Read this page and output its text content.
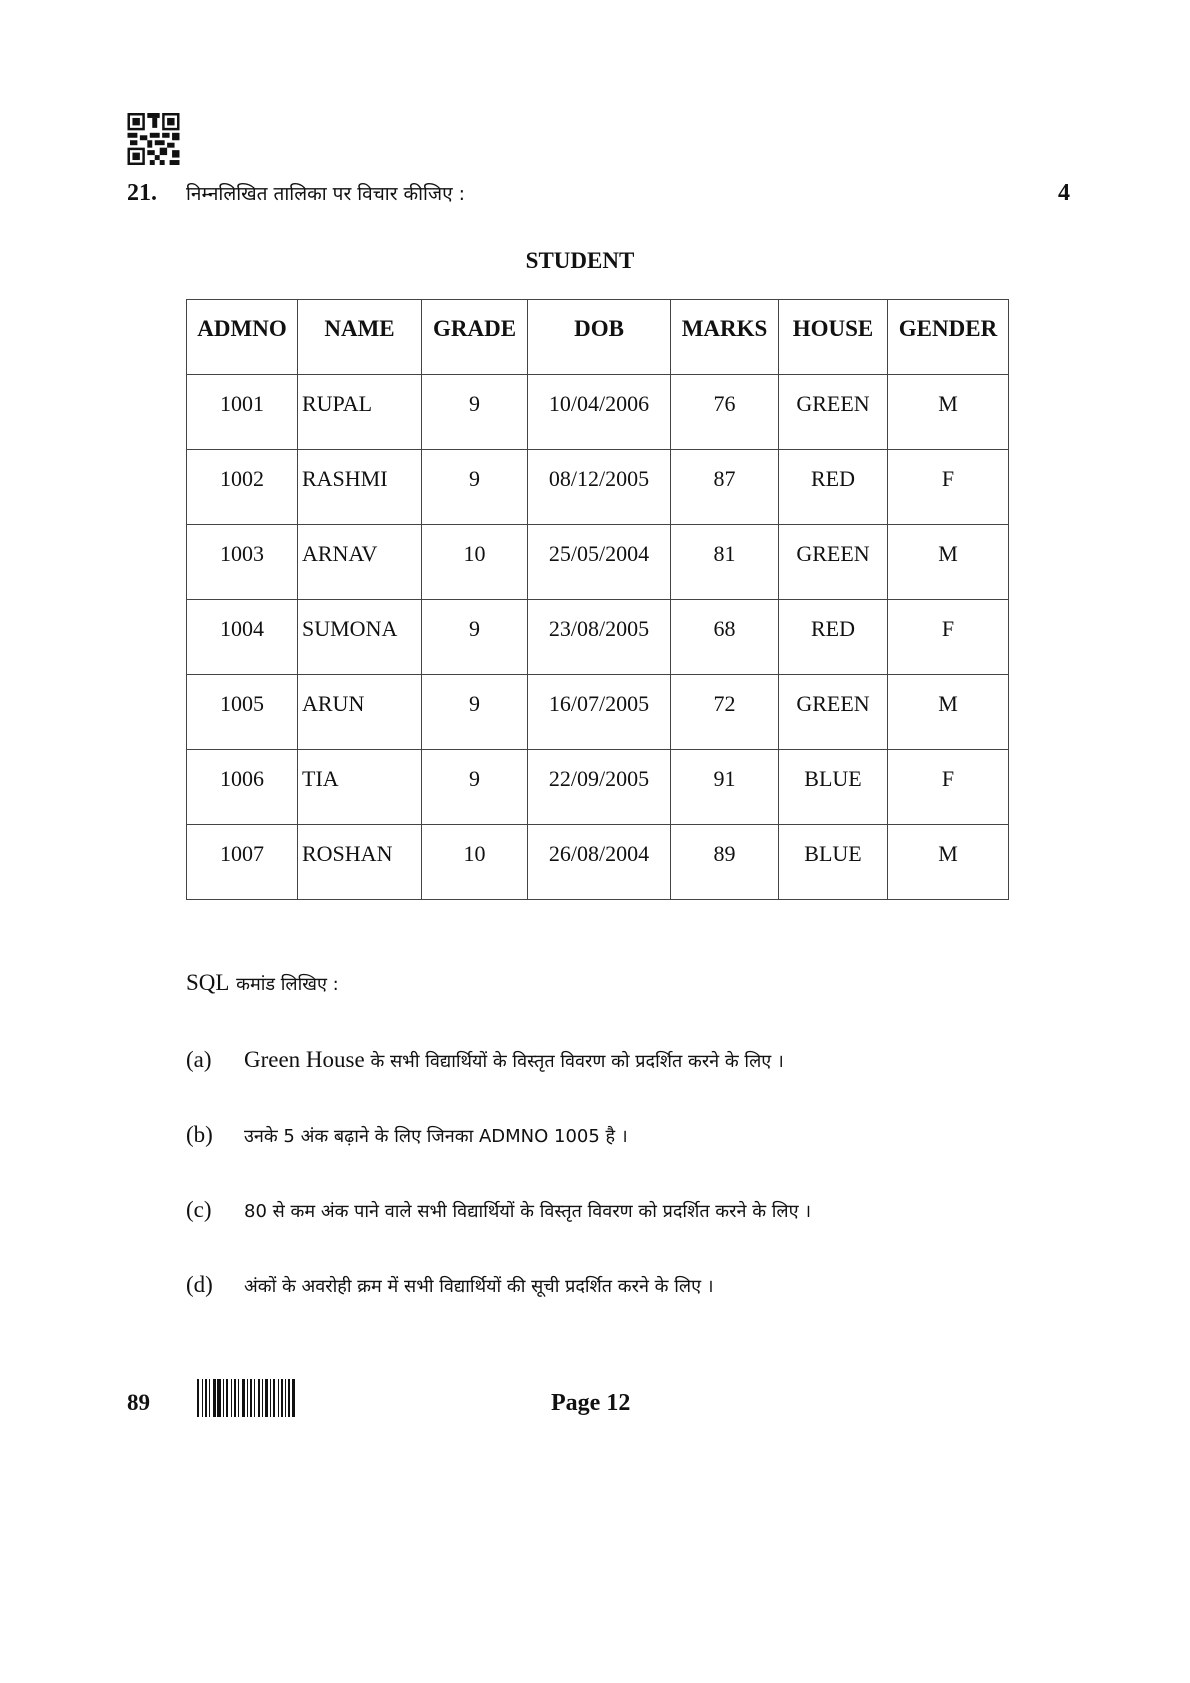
21. निम्नलिखित तालिका पर विचार कीजिए :	4
STUDENT
ADMNO	NAME	GRADE	DOB	MARKS	HOUSE	GENDER
1001	RUPAL	9	10/04/2006	76	GREEN	M
1002	RASHMI	9	08/12/2005	87	RED	F
1003	ARNAV	10	25/05/2004	81	GREEN	M
1004	SUMONA	9	23/08/2005	68	RED	F
1005	ARUN	9	16/07/2005	72	GREEN	M
1006	TIA	9	22/09/2005	91	BLUE	F
1007	ROSHAN	10	26/08/2004	89	BLUE	M
SQL कमांड लिखिए :
(a)	Green House के सभी विद्यार्थियों के विस्तृत विवरण को प्रदर्शित करने के लिए ।
(b)	उनके 5 अंक बढ़ाने के लिए जिनका ADMNO 1005 है ।
(c)	80 से कम अंक पाने वाले सभी विद्यार्थियों के विस्तृत विवरण को प्रदर्शित करने के लिए ।
(d)	अंकों के अवरोही क्रम में सभी विद्यार्थियों की सूची प्रदर्शित करने के लिए ।
89	Page 12
